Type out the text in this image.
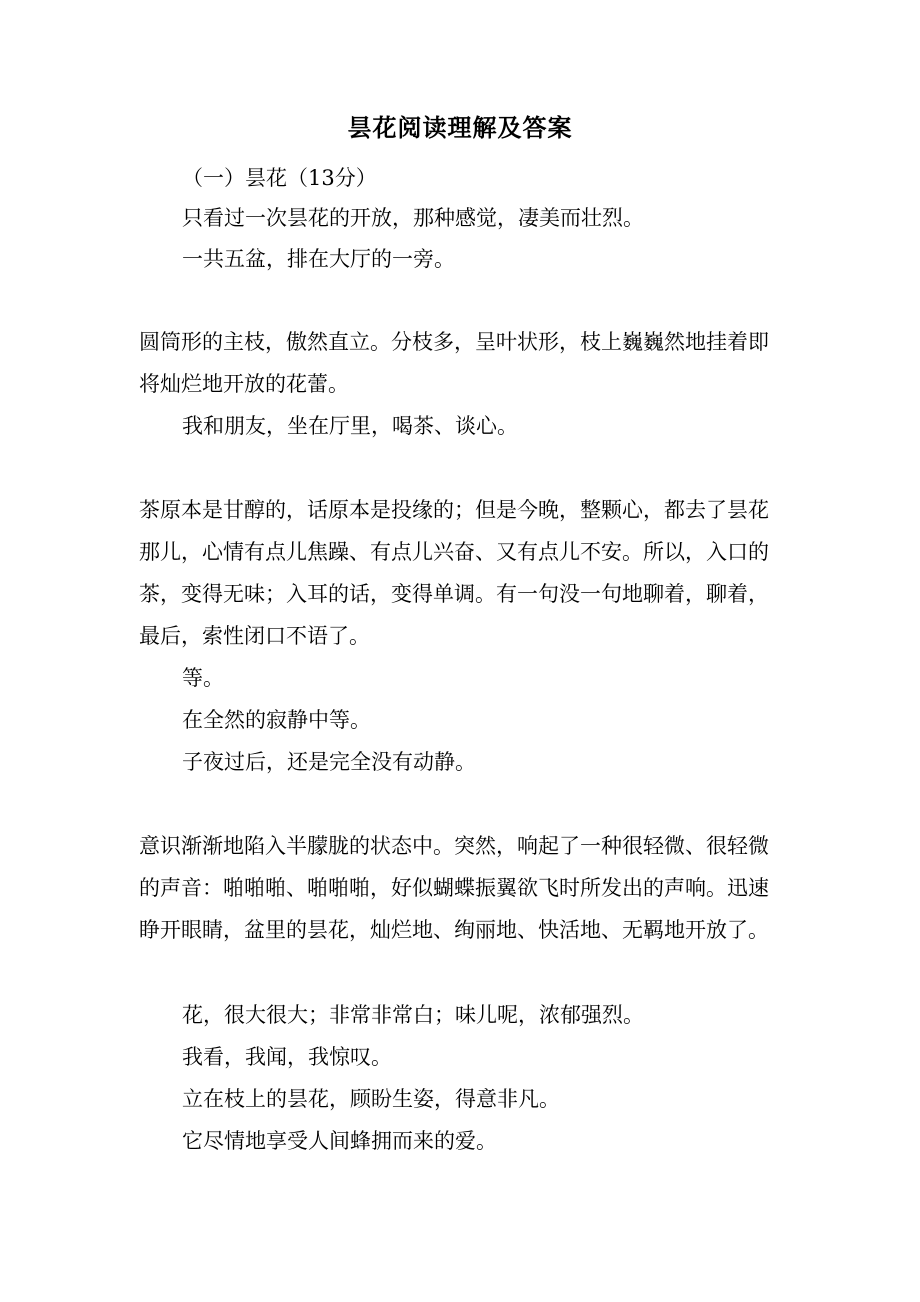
昙花阅读理解及答案

（一）昙花（13分）

只看过一次昙花的开放，那种感觉，凄美而壮烈。

一共五盆，排在大厅的一旁。

圆筒形的主枝，傲然直立。分枝多，呈叶状形，枝上巍巍然地挂着即将灿烂地开放的花蕾。

我和朋友，坐在厅里，喝茶、谈心。

茶原本是甘醇的，话原本是投缘的；但是今晚，整颗心，都去了昙花那儿，心情有点儿焦躁、有点儿兴奋、又有点儿不安。所以，入口的茶，变得无味；入耳的话，变得单调。有一句没一句地聊着，聊着，最后，索性闭口不语了。

等。

在全然的寂静中等。

子夜过后，还是完全没有动静。

意识渐渐地陷入半朦胧的状态中。突然，响起了一种很轻微、很轻微的声音：啪啪啪、啪啪啪，好似蝴蝶振翼欲飞时所发出的声响。迅速睁开眼睛，盆里的昙花，灿烂地、绚丽地、快活地、无羁地开放了。

花，很大很大；非常非常白；味儿呢，浓郁强烈。

我看，我闻，我惊叹。

立在枝上的昙花，顾盼生姿，得意非凡。

它尽情地享受人间蜂拥而来的爱。
